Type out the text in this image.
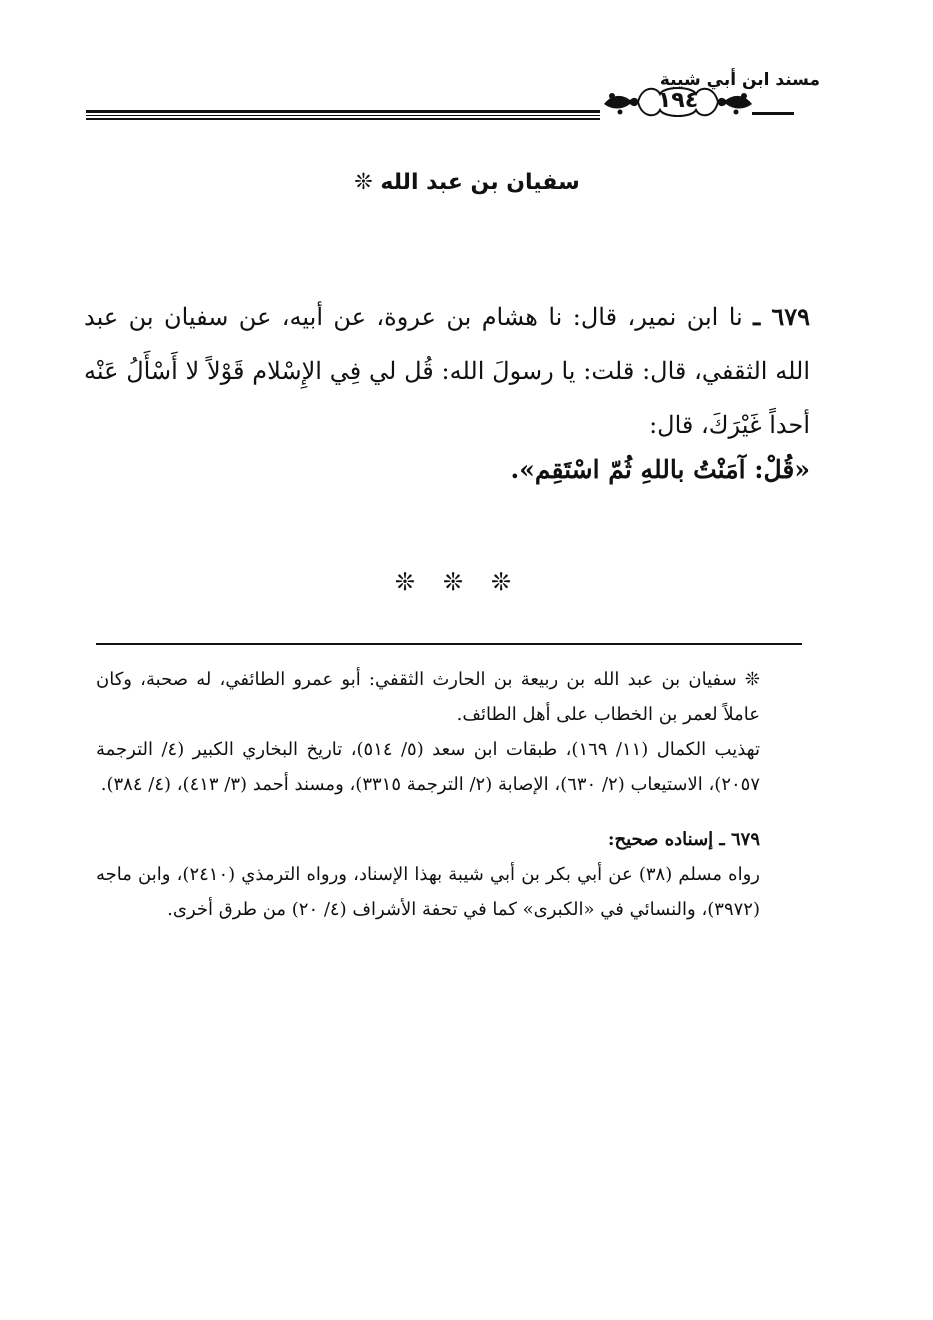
مسند ابن أبي شيبة
١٩٤
سفيان بن عبد الله ❊
٦٧٩ ـ نا ابن نمير، قال: نا هشام بن عروة، عن أبيه، عن سفيان بن عبد الله الثقفي، قال: قلت: يا رسولَ الله: قُل لي فِي الإِسْلام قَوْلاً لا أَسْأَلُ عَنْه أحداً غَيْرَكَ، قال:
«قُلْ: آمَنْتُ باللهِ ثُمّ اسْتَقِم».
❊❊❊

❊ سفيان بن عبد الله بن ربيعة بن الحارث الثقفي: أبو عمرو الطائفي، له صحبة، وكان عاملاً لعمر بن الخطاب على أهل الطائف.

تهذيب الكمال (١١/ ١٦٩)، طبقات ابن سعد (٥/ ٥١٤)، تاريخ البخاري الكبير (٤/ الترجمة ٢٠٥٧)، الاستيعاب (٢/ ٦٣٠)، الإصابة (٢/ الترجمة ٣٣١٥)، ومسند أحمد (٣/ ٤١٣)، (٤/ ٣٨٤).

٦٧٩ ـ إسناده صحيح:

رواه مسلم (٣٨) عن أبي بكر بن أبي شيبة بهذا الإسناد، ورواه الترمذي (٢٤١٠)، وابن ماجه (٣٩٧٢)، والنسائي في «الكبرى» كما في تحفة الأشراف (٤/ ٢٠) من طرق أخرى.
